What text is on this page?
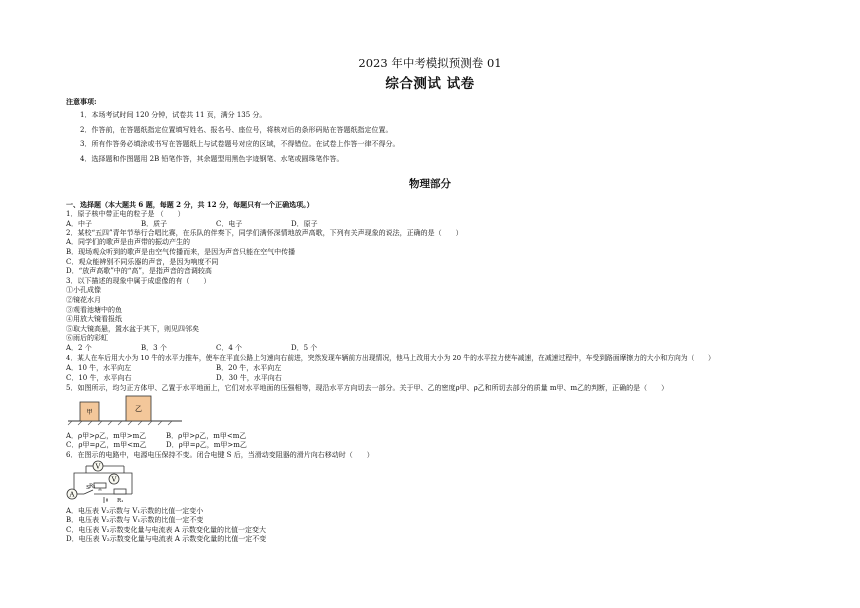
2023 年中考模拟预测卷 01
综合测试 试卷
注意事项:
1．本场考试时间 120 分钟，试卷共 11 页，满分 135 分。
2．作答前，在答题纸指定位置填写姓名、报名号、座位号，将核对后的条形码贴在答题纸指定位置。
3．所有作答务必填涂或书写在答题纸上与试卷题号对应的区域，不得错位。在试卷上作答一律不得分。
4．选择题和作图题用 2B 铅笔作答，其余题型用黑色字迹钢笔、水笔或圆珠笔作答。
物理部分
一、选择题（本大题共 6 题，每题 2 分，共 12 分，每题只有一个正确选项。）
1．原子核中带正电的粒子是 （　　）
A．中子	B．质子	C．电子	D．原子
2．某校“五四”青年节举行合唱比赛，在乐队的伴奏下，同学们满怀深情地放声高歌，下列有关声现象的说法，正确的是（　　）
A．同学们的歌声是由声带的振动产生的
B．现场观众听到的歌声是由空气传播而来，是因为声音只能在空气中传播
C．观众能辨别不同乐器的声音，是因为响度不同
D．“放声高歌”中的“高”，是指声音的音调较高
3．以下描述的现象中属于成虚像的有（　　）
①小孔成像
②镜花水月
③观看池塘中的鱼
④用放大镜看报纸
⑤取大镜高悬，置水盆于其下，则见四邻矣
⑥雨后的彩虹
A．2 个	B．3 个	C．4 个	D．5 个
4．某人在车后用大小为 10 牛的水平力推车，使车在平直公路上匀速向右前进，突然发现车辆前方出现情况，他马上改用大小为 20 牛的水平拉力使车减速，在减速过程中，车受到路面摩擦力的大小和方向为（　　）
A．10 牛，水平向左	B．20 牛，水平向左
C．10 牛，水平向右	D．30 牛，水平向右
5．如图所示，均匀正方体甲、乙置于水平地面上，它们对水平地面的压强相等，现沿水平方向切去一部分。关于甲、乙的密度ρ甲、ρ乙和所切去部分的质量 m甲、m乙的判断，正确的是（　　）
甲	乙
A．ρ甲>ρ乙，m甲>m乙	B．ρ甲>ρ乙，m甲<m乙
C．ρ甲=ρ乙，m甲<m乙	D．ρ甲=ρ乙，m甲>m乙
6．在图示的电路中，电源电压保持不变。闭合电键 S 后，当滑动变阻器的滑片向右移动时（　　）
V
V
A
S R₂
R₁
A．电压表 V₂示数与 V₁示数的比值一定变小
B．电压表 V₂示数与 V₁示数的比值一定不变
C．电压表 V₂示数变化量与电流表 A 示数变化量的比值一定变大
D．电压表 V₂示数变化量与电流表 A 示数变化量的比值一定不变
